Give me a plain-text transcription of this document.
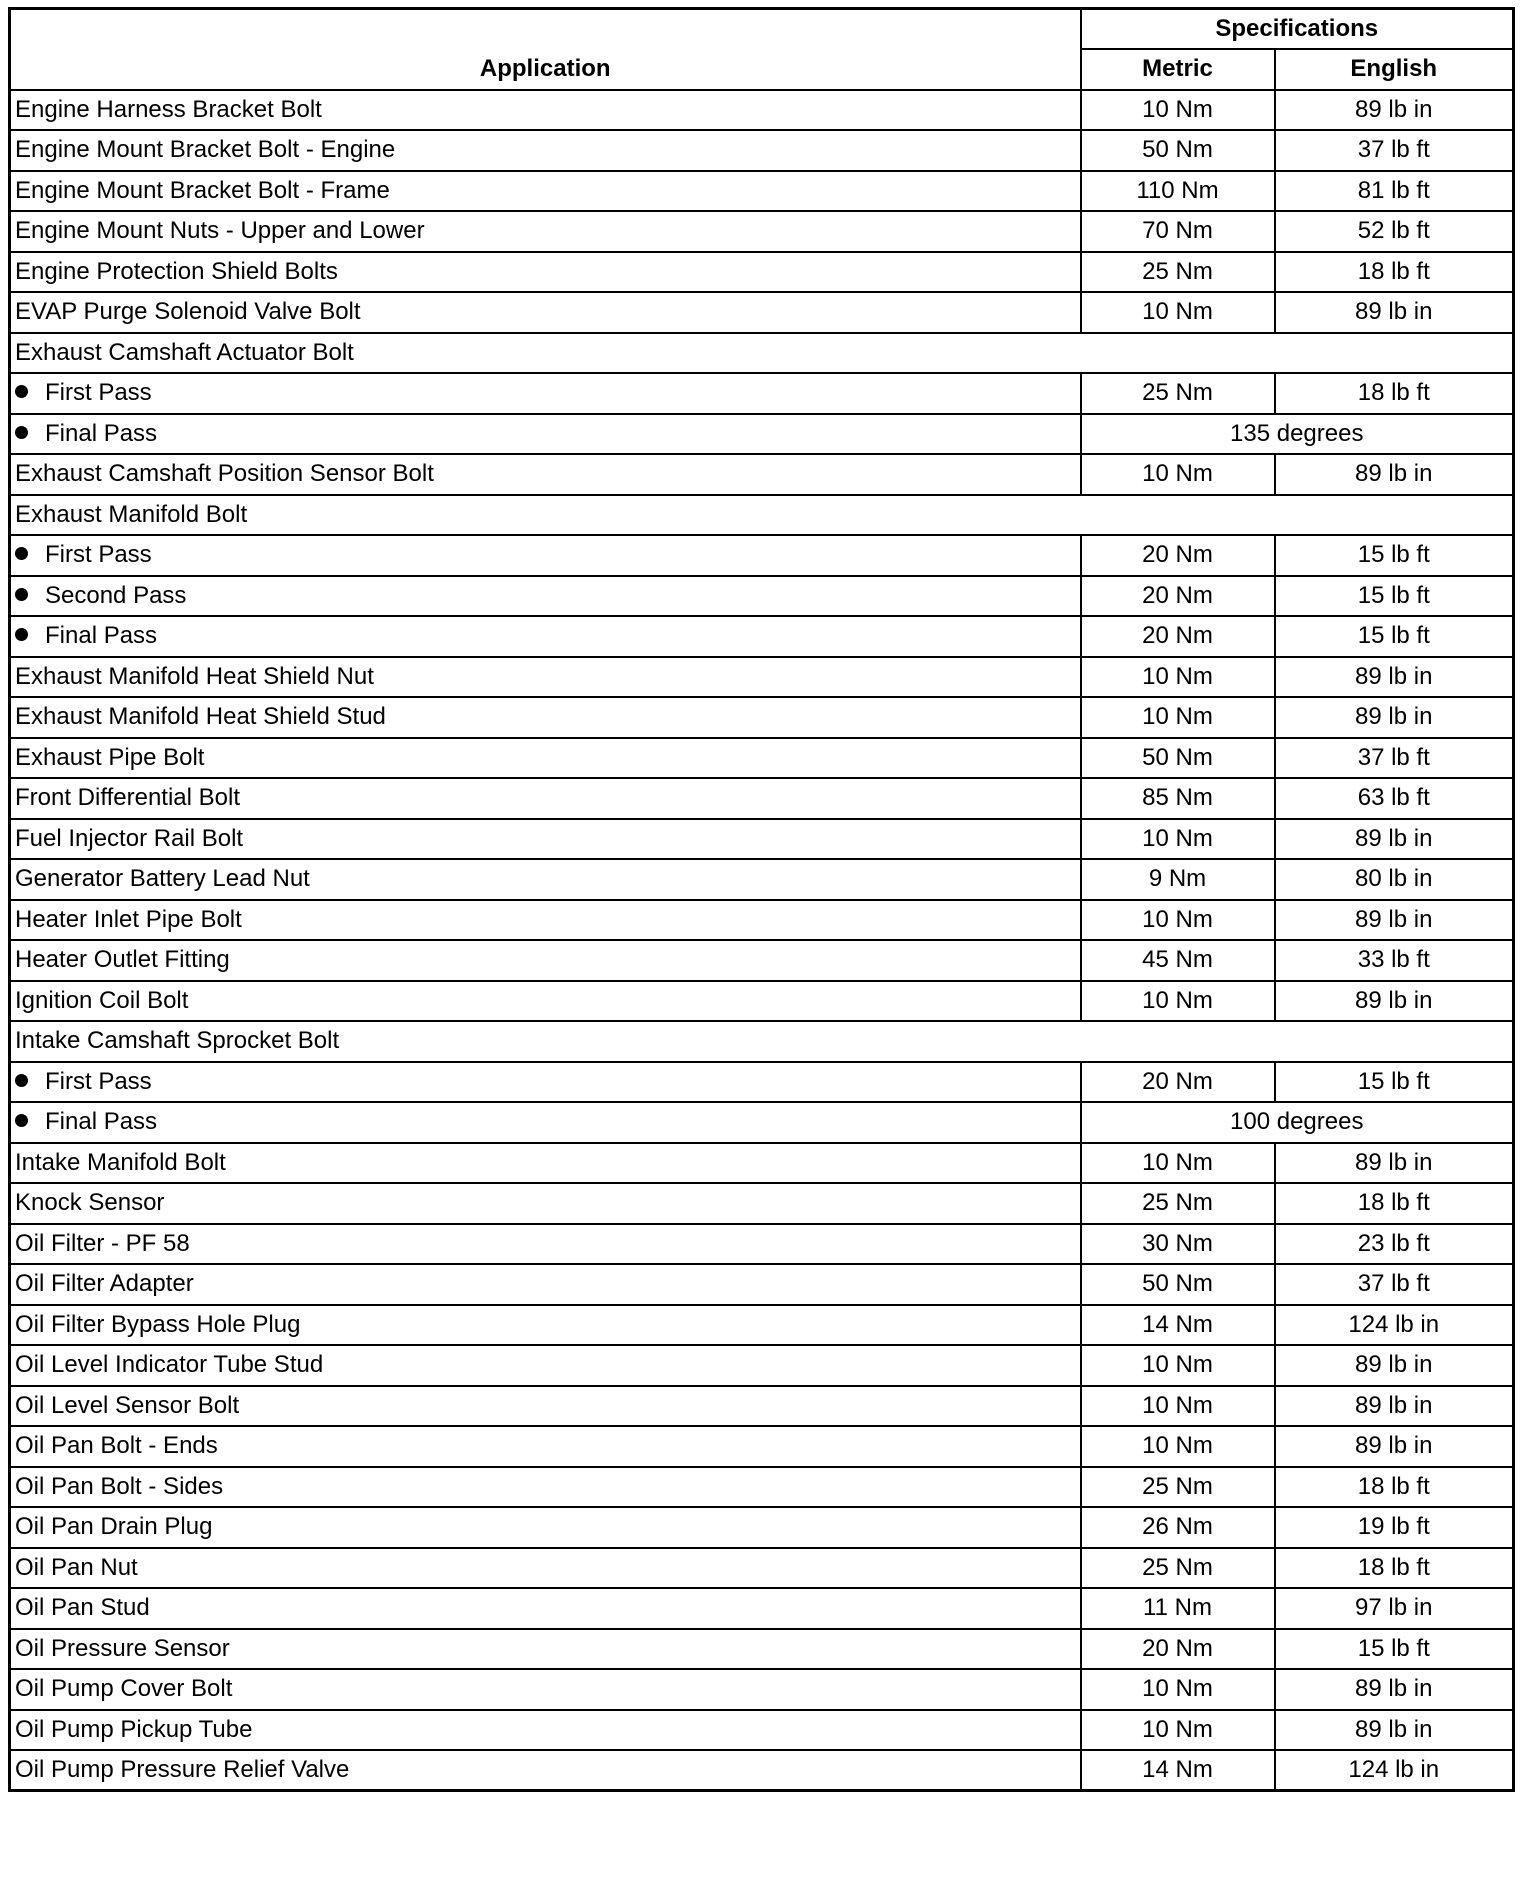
Application	Specifications	
	Metric	English
Engine Harness Bracket Bolt	10 Nm	89 lb in
Engine Mount Bracket Bolt - Engine	50 Nm	37 lb ft
Engine Mount Bracket Bolt - Frame	110 Nm	81 lb ft
Engine Mount Nuts - Upper and Lower	70 Nm	52 lb ft
Engine Protection Shield Bolts	25 Nm	18 lb ft
EVAP Purge Solenoid Valve Bolt	10 Nm	89 lb in
Exhaust Camshaft Actuator Bolt		
First Pass	25 Nm	18 lb ft
Final Pass	135 degrees	
Exhaust Camshaft Position Sensor Bolt	10 Nm	89 lb in
Exhaust Manifold Bolt		
First Pass	20 Nm	15 lb ft
Second Pass	20 Nm	15 lb ft
Final Pass	20 Nm	15 lb ft
Exhaust Manifold Heat Shield Nut	10 Nm	89 lb in
Exhaust Manifold Heat Shield Stud	10 Nm	89 lb in
Exhaust Pipe Bolt	50 Nm	37 lb ft
Front Differential Bolt	85 Nm	63 lb ft
Fuel Injector Rail Bolt	10 Nm	89 lb in
Generator Battery Lead Nut	9 Nm	80 lb in
Heater Inlet Pipe Bolt	10 Nm	89 lb in
Heater Outlet Fitting	45 Nm	33 lb ft
Ignition Coil Bolt	10 Nm	89 lb in
Intake Camshaft Sprocket Bolt		
First Pass	20 Nm	15 lb ft
Final Pass	100 degrees	
Intake Manifold Bolt	10 Nm	89 lb in
Knock Sensor	25 Nm	18 lb ft
Oil Filter - PF 58	30 Nm	23 lb ft
Oil Filter Adapter	50 Nm	37 lb ft
Oil Filter Bypass Hole Plug	14 Nm	124 lb in
Oil Level Indicator Tube Stud	10 Nm	89 lb in
Oil Level Sensor Bolt	10 Nm	89 lb in
Oil Pan Bolt - Ends	10 Nm	89 lb in
Oil Pan Bolt - Sides	25 Nm	18 lb ft
Oil Pan Drain Plug	26 Nm	19 lb ft
Oil Pan Nut	25 Nm	18 lb ft
Oil Pan Stud	11 Nm	97 lb in
Oil Pressure Sensor	20 Nm	15 lb ft
Oil Pump Cover Bolt	10 Nm	89 lb in
Oil Pump Pickup Tube	10 Nm	89 lb in
Oil Pump Pressure Relief Valve	14 Nm	124 lb in
